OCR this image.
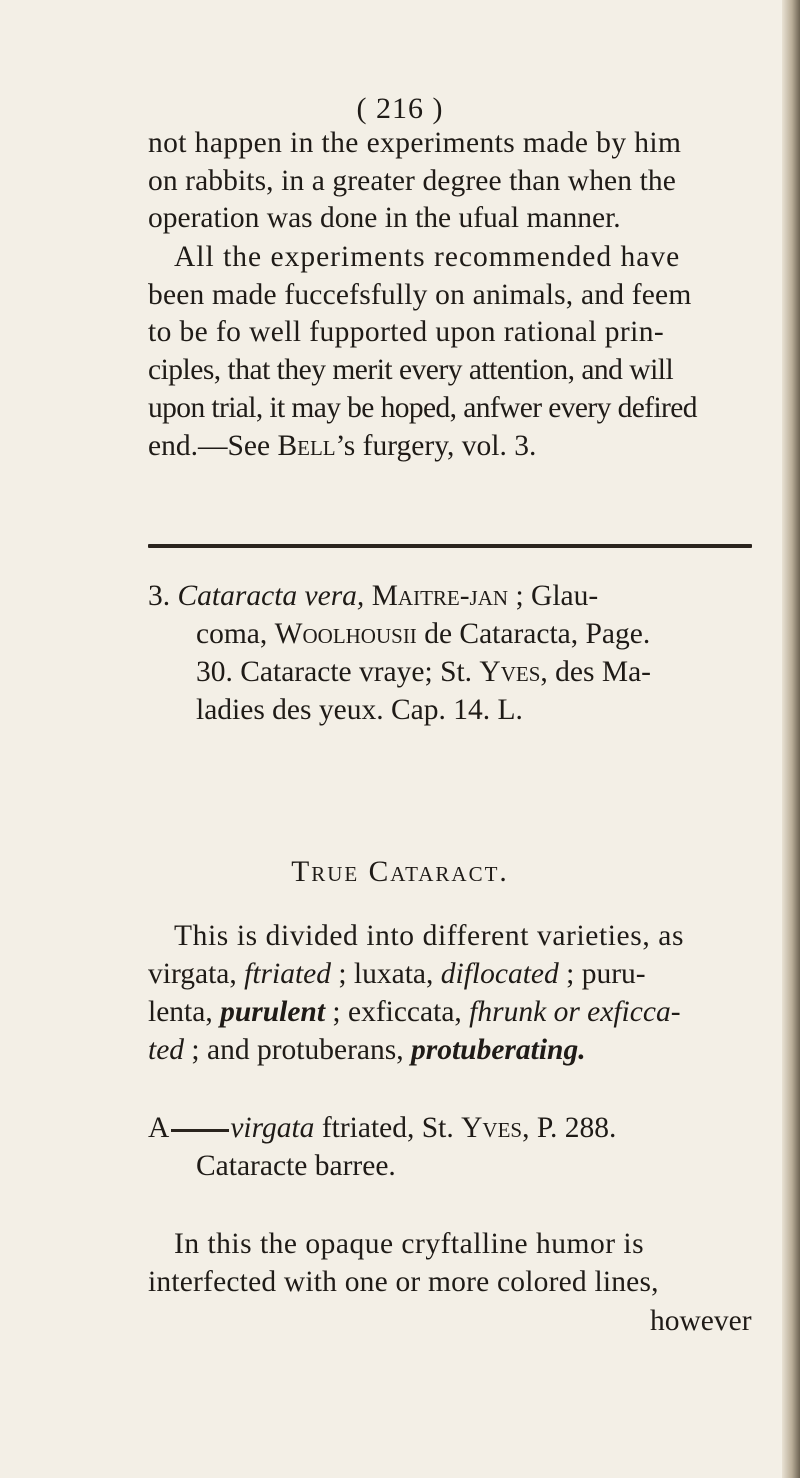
( 216 )
not happen in the experiments made by him
on rabbits, in a greater degree than when the
operation was done in the ufual manner.
All the experiments recommended have
been made fuccefsfully on animals, and feem
to be fo well fupported upon rational prin-
ciples, that they merit every attention, and will
upon trial, it may be hoped, anfwer every defired
end.—See Bell’s furgery, vol. 3.
3. Cataracta vera, Maitre-jan ; Glau-
coma, Woolhousii de Cataracta, Page.
30. Cataracte vraye; St. Yves, des Ma-
ladies des yeux. Cap. 14. L.
True Cataract.
This is divided into different varieties, as
virgata, ftriated ; luxata, diflocated ; puru-
lenta, purulent ; exficcata, fhrunk or exficca-
ted ; and protuberans, protuberating.
A virgata ftriated, St. Yves, P. 288.
Cataracte barree.
In this the opaque cryftalline humor is
interfected with one or more colored lines,
however
